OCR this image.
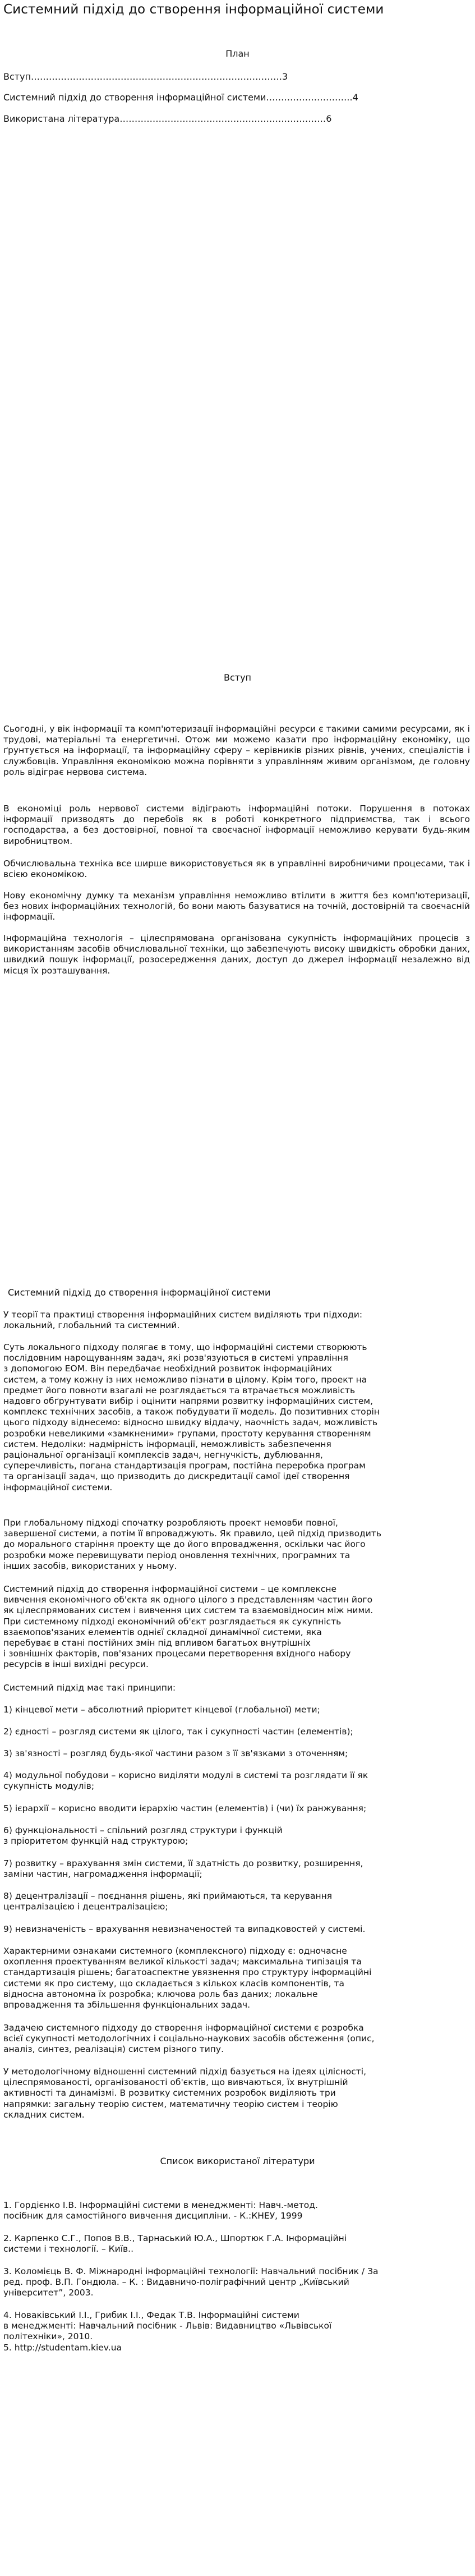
Системний підхід до створення інформаційної системи
План
Вступ…………………………………………………………………………3
Системний підхід до створення інформаційної системи………………………..4
Використана література……………………………………………………………6
Вступ

Сьогодні, у вік інформації та комп'ютеризації інформаційні ресурси є такими самими ресурсами, як і трудові, матеріальні та енергетичні. Отож ми можемо казати про інформаційну економіку, що ґрунтується на інформації, та інформаційну сферу – керівників різних рівнів, учених, спеціалістів і службовців. Управління економікою можна порівняти з управлінням живим організмом, де головну роль відіграє нервова система.

В економіці роль нервової системи відіграють інформаційні потоки. Порушення в потоках інформації призводять до перебоїв як в роботі конкретного підприємства, так і всього господарства, а без достовірної, повної та своєчасної інформації неможливо керувати будь-яким виробництвом.

Обчислювальна техніка все ширше використовується як в управлінні виробничими процесами, так і всією економікою.

Нову економічну думку та механізм управління неможливо втілити в життя без комп'ютеризації, без нових інформаційних технологій, бо вони мають базуватися на точній, достовірній та своєчасній інформації.

Інформаційна технологія – цілеспрямована організована сукупність інформаційних процесів з використанням засобів обчислювальної техніки, що забезпечують високу швидкість обробки даних, швидкий пошук інформації, розосередження даних, доступ до джерел інформації незалежно від місця їх розташування.

Системний підхід до створення інформаційної системи

У теорії та практиці створення інформаційних систем виділяють три підходи:
локальний, глобальний та системний.

Суть локального підходу полягає в тому, що інформаційні системи створюють
послідовним нарощуванням задач, які розв'язуються в системі управління
з допомогою ЕОМ. Він передбачає необхідний розвиток інформаційних
систем, а тому кожну із них неможливо пізнати в цілому. Крім того, проект на
предмет його повноти взагалі не розглядається та втрачається можливість
надовго обґрунтувати вибір і оцінити напрями розвитку інформаційних систем,
комплекс технічних засобів, а також побудувати її модель. До позитивних сторін
цього підходу віднесемо: відносно швидку віддачу, наочність задач, можливість
розробки невеликими «замкненими» групами, простоту керування створенням
систем. Недоліки: надмірність інформації, неможливість забезпечення
раціональної організації комплексів задач, негнучкість, дублювання,
суперечливість, погана стандартизація програм, постійна переробка програм
та організації задач, що призводить до дискредитації самої ідеї створення
інформаційної системи.

При глобальному підході спочатку розробляють проект немовби повної,
завершеної системи, а потім її впроваджують. Як правило, цей підхід призводить
до морального старіння проекту ще до його впровадження, оскільки час його
розробки може перевищувати період оновлення технічних, програмних та
інших засобів, використаних у ньому.

Системний підхід до створення інформаційної системи – це комплексне
вивчення економічного об'єкта як одного цілого з представленням частин його
як цілеспрямованих систем і вивчення цих систем та взаємовідносин між ними.
При системному підході економічний об'єкт розглядається як сукупність
взаємопов'язаних елементів однієї складної динамічної системи, яка
перебуває в стані постійних змін під впливом багатьох внутрішніх
і зовнішніх факторів, пов'язаних процесами перетворення вхідного набору
ресурсів в інші вихідні ресурси.

Системний підхід має такі принципи:

1) кінцевої мети – абсолютний пріоритет кінцевої (глобальної) мети;

2) єдності – розгляд системи як цілого, так і сукупності частин (елементів);

3) зв'язності – розгляд будь-якої частини разом з її зв'язками з оточенням;

4) модульної побудови – корисно виділяти модулі в системі та розглядати її як
сукупність модулів;

5) ієрархії – корисно вводити ієрархію частин (елементів) і (чи) їх ранжування;

6) функціональності – спільний розгляд структури і функцій
з пріоритетом функцій над структурою;

7) розвитку – врахування змін системи, її здатність до розвитку, розширення,
заміни частин, нагромадження інформації;

8) децентралізації – поєднання рішень, які приймаються, та керування
централізацією і децентралізацією;

9) невизначеність – врахування невизначеностей та випадковостей у системі.

Характерними ознаками системного (комплексного) підходу є: одночасне
охоплення проектуванням великої кількості задач; максимальна типізація та
стандартизація рішень; багатоаспектне увязнення про структуру інформаційні
системи як про систему, що складається з кількох класів компонентів, та
відносна автономна їх розробка; ключова роль баз даних; локальне
впровадження та збільшення функціональних задач.

Задачею системного підходу до створення інформаційної системи є розробка
всієї сукупності методологічних і соціально-наукових засобів обстеження (опис,
аналіз, синтез, реалізація) систем різного типу.

У методологічному відношенні системний підхід базується на ідеях цілісності,
цілеспрямованості, організованості об'єктів, що вивчаються, їх внутрішній
активності та динамізмі. В розвитку системних розробок виділяють три
напрямки: загальну теорію систем, математичну теорію систем і теорію
складних систем.

Список використаної літератури

1. Гордієнко І.В. Інформаційні системи в менеджменті: Навч.-метод.
посібник для самостійного вивчення дисципліни. - К.:КНЕУ, 1999

2. Карпенко С.Г., Попов В.В., Тарнаський Ю.А., Шпортюк Г.А. Інформаційні
системи і технології. – Київ..

3. Коломієць В. Ф. Міжнародні інформаційні технології: Навчальний посібник / За
ред. проф. В.П. Гондюла. – К. : Видавничо-поліграфічний центр „Київський
університет”, 2003.

4. Новаківський І.І., Грибик І.І., Федак Т.В. Інформаційні системи
в менеджменті: Навчальний посібник - Львів: Видавництво «Львівської
політехніки», 2010.

5. http://studentam.kiev.ua
